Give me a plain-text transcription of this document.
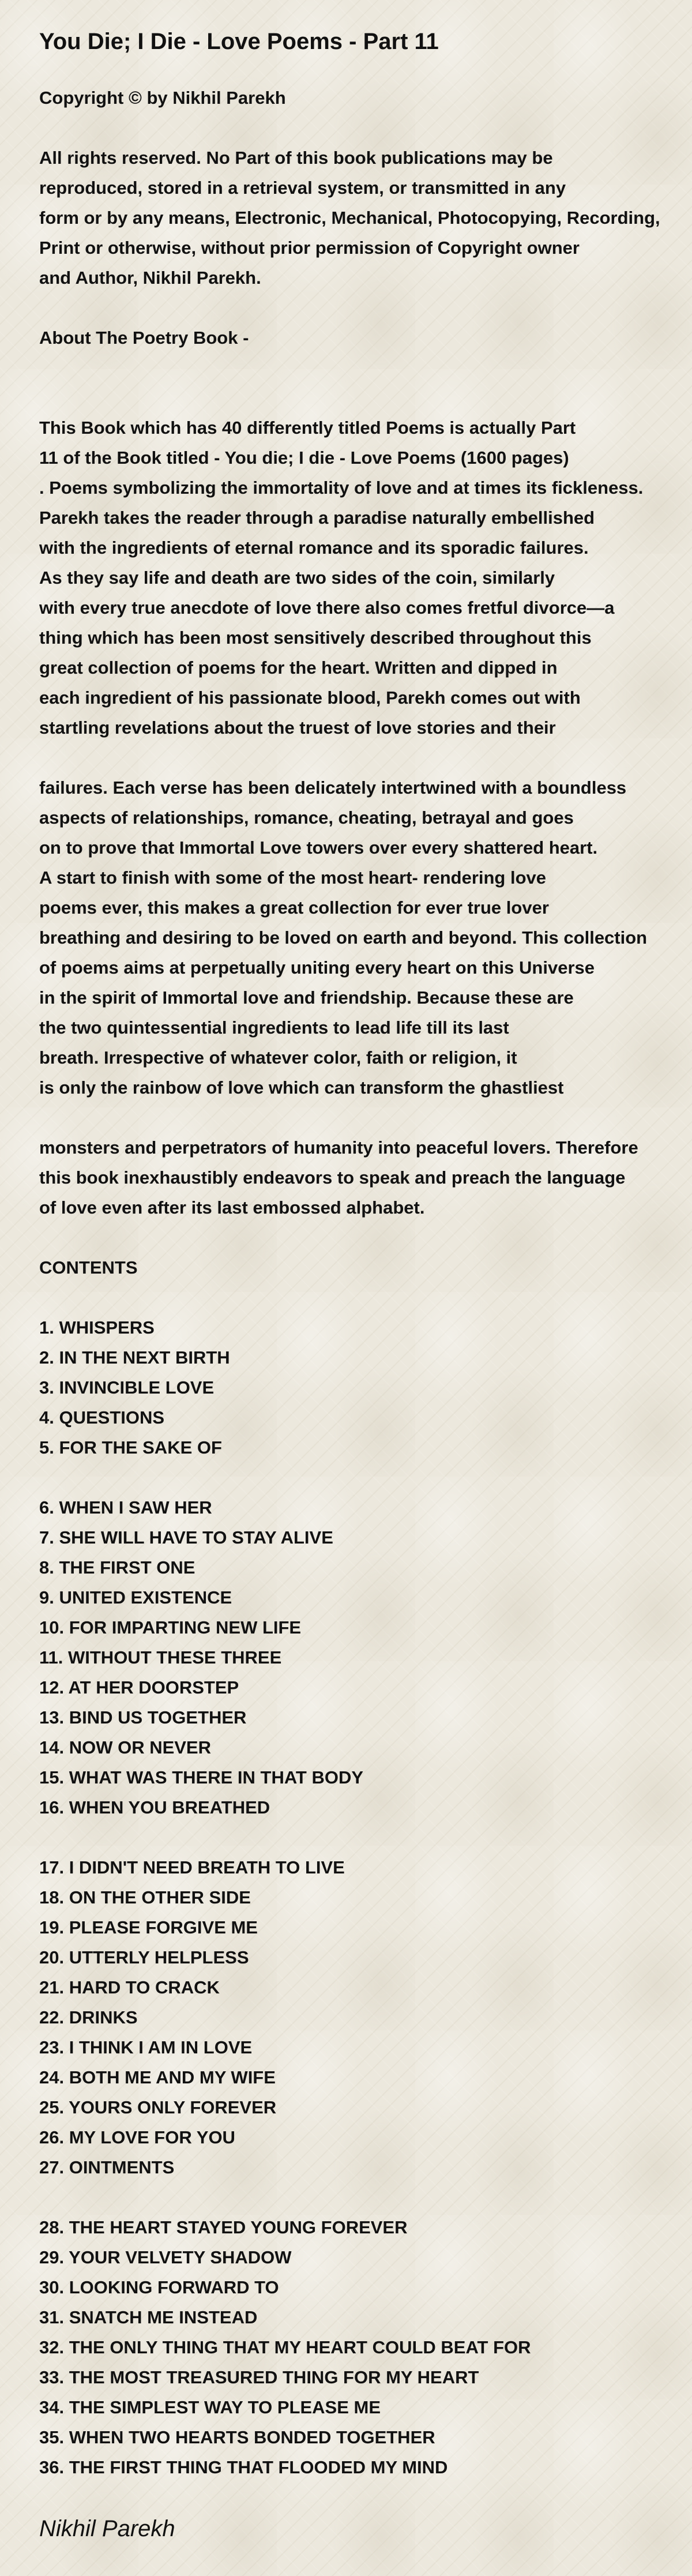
You Die; I Die - Love Poems - Part 11
Copyright © by Nikhil Parekh
All rights reserved. No Part of this book publications may be
reproduced, stored in a retrieval system, or transmitted in any
form or by any means, Electronic, Mechanical, Photocopying, Recording,
Print or otherwise, without prior permission of Copyright owner
and Author, Nikhil Parekh.
About The Poetry Book -
This Book which has 40 differently titled Poems is actually Part
11 of the Book titled - You die; I die - Love Poems (1600 pages)
. Poems symbolizing the immortality of love and at times its fickleness.
Parekh takes the reader through a paradise naturally embellished
with the ingredients of eternal romance and its sporadic failures.
As they say life and death are two sides of the coin, similarly
with every true anecdote of love there also comes fretful divorce—a
thing which has been most sensitively described throughout this
great collection of poems for the heart. Written and dipped in
each ingredient of his passionate blood, Parekh comes out with
startling revelations about the truest of love stories and their
failures. Each verse has been delicately intertwined with a boundless
aspects of relationships, romance, cheating, betrayal and goes
on to prove that Immortal Love towers over every shattered heart.
A start to finish with some of the most heart- rendering love
poems ever, this makes a great collection for ever true lover
breathing and desiring to be loved on earth and beyond. This collection
of poems aims at perpetually uniting every heart on this Universe
in the spirit of Immortal love and friendship. Because these are
the two quintessential ingredients to lead life till its last
breath. Irrespective of whatever color, faith or religion, it
is only the rainbow of love which can transform the ghastliest
monsters and perpetrators of humanity into peaceful lovers. Therefore
this book inexhaustibly endeavors to speak and preach the language
of love even after its last embossed alphabet.
CONTENTS
1. WHISPERS
2. IN THE NEXT BIRTH
3. INVINCIBLE LOVE
4. QUESTIONS
5. FOR THE SAKE OF
6. WHEN I SAW HER
7. SHE WILL HAVE TO STAY ALIVE
8. THE FIRST ONE
9. UNITED EXISTENCE
10. FOR IMPARTING NEW LIFE
11. WITHOUT THESE THREE
12. AT HER DOORSTEP
13. BIND US TOGETHER
14. NOW OR NEVER
15. WHAT WAS THERE IN THAT BODY
16. WHEN YOU BREATHED
17. I DIDN'T NEED BREATH TO LIVE
18. ON THE OTHER SIDE
19. PLEASE FORGIVE ME
20. UTTERLY HELPLESS
21. HARD TO CRACK
22. DRINKS
23. I THINK I AM IN LOVE
24. BOTH ME AND MY WIFE
25. YOURS ONLY FOREVER
26. MY LOVE FOR YOU
27. OINTMENTS
28. THE HEART STAYED YOUNG FOREVER
29. YOUR VELVETY SHADOW
30. LOOKING FORWARD TO
31. SNATCH ME INSTEAD
32. THE ONLY THING THAT MY HEART COULD BEAT FOR
33. THE MOST TREASURED THING FOR MY HEART
34. THE SIMPLEST WAY TO PLEASE ME
35. WHEN TWO HEARTS BONDED TOGETHER
36. THE FIRST THING THAT FLOODED MY MIND
Nikhil Parekh
